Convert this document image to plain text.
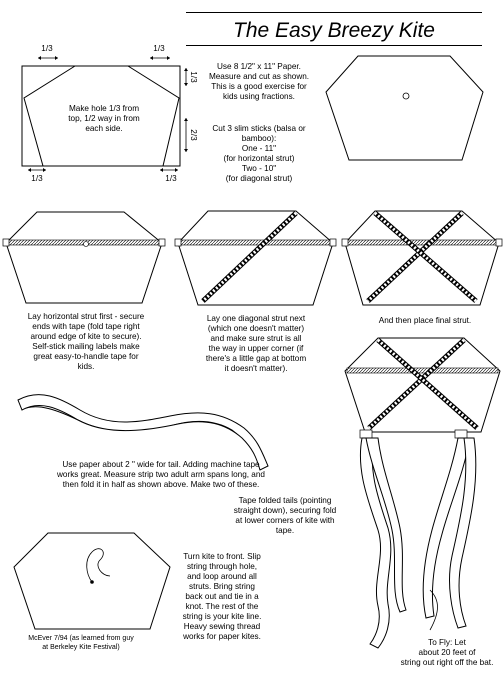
The Easy Breezy Kite
1/3	1/3
1/3
2/3
1/3	1/3
Make hole 1/3 from
top, 1/2 way in from
each side.
Use 8 1/2" x 11" Paper.
Measure and cut as shown.
This is a good exercise for
kids using fractions.
Cut 3 slim sticks (balsa or
bamboo):
One - 11"
(for horizontal strut)
Two - 10"
(for diagonal strut)
Lay horizontal strut first - secure
ends with tape (fold tape right
around edge of kite to secure).
Self-stick mailing labels make
great easy-to-handle tape for
kids.
Lay one diagonal strut next
(which one doesn't matter)
and make sure strut is all
the way in upper corner (if
there's a little gap at bottom
it doesn't matter).
And then place final strut.
Use paper about 2 " wide for tail. Adding machine tape
works great. Measure strip two adult arm spans long, and
then fold it in half as shown above. Make two of these.
Tape folded tails (pointing
straight down), securing fold
at lower corners of kite with
tape.
Turn kite to front. Slip
string through hole,
and loop around all
struts. Bring string
back out and tie in a
knot. The rest of the
string is your kite line.
Heavy sewing thread
works for paper kites.
McEver 7/94 (as learned from guy
at Berkeley Kite Festival)
To Fly: Let
about 20 feet of
string out right off the bat.
